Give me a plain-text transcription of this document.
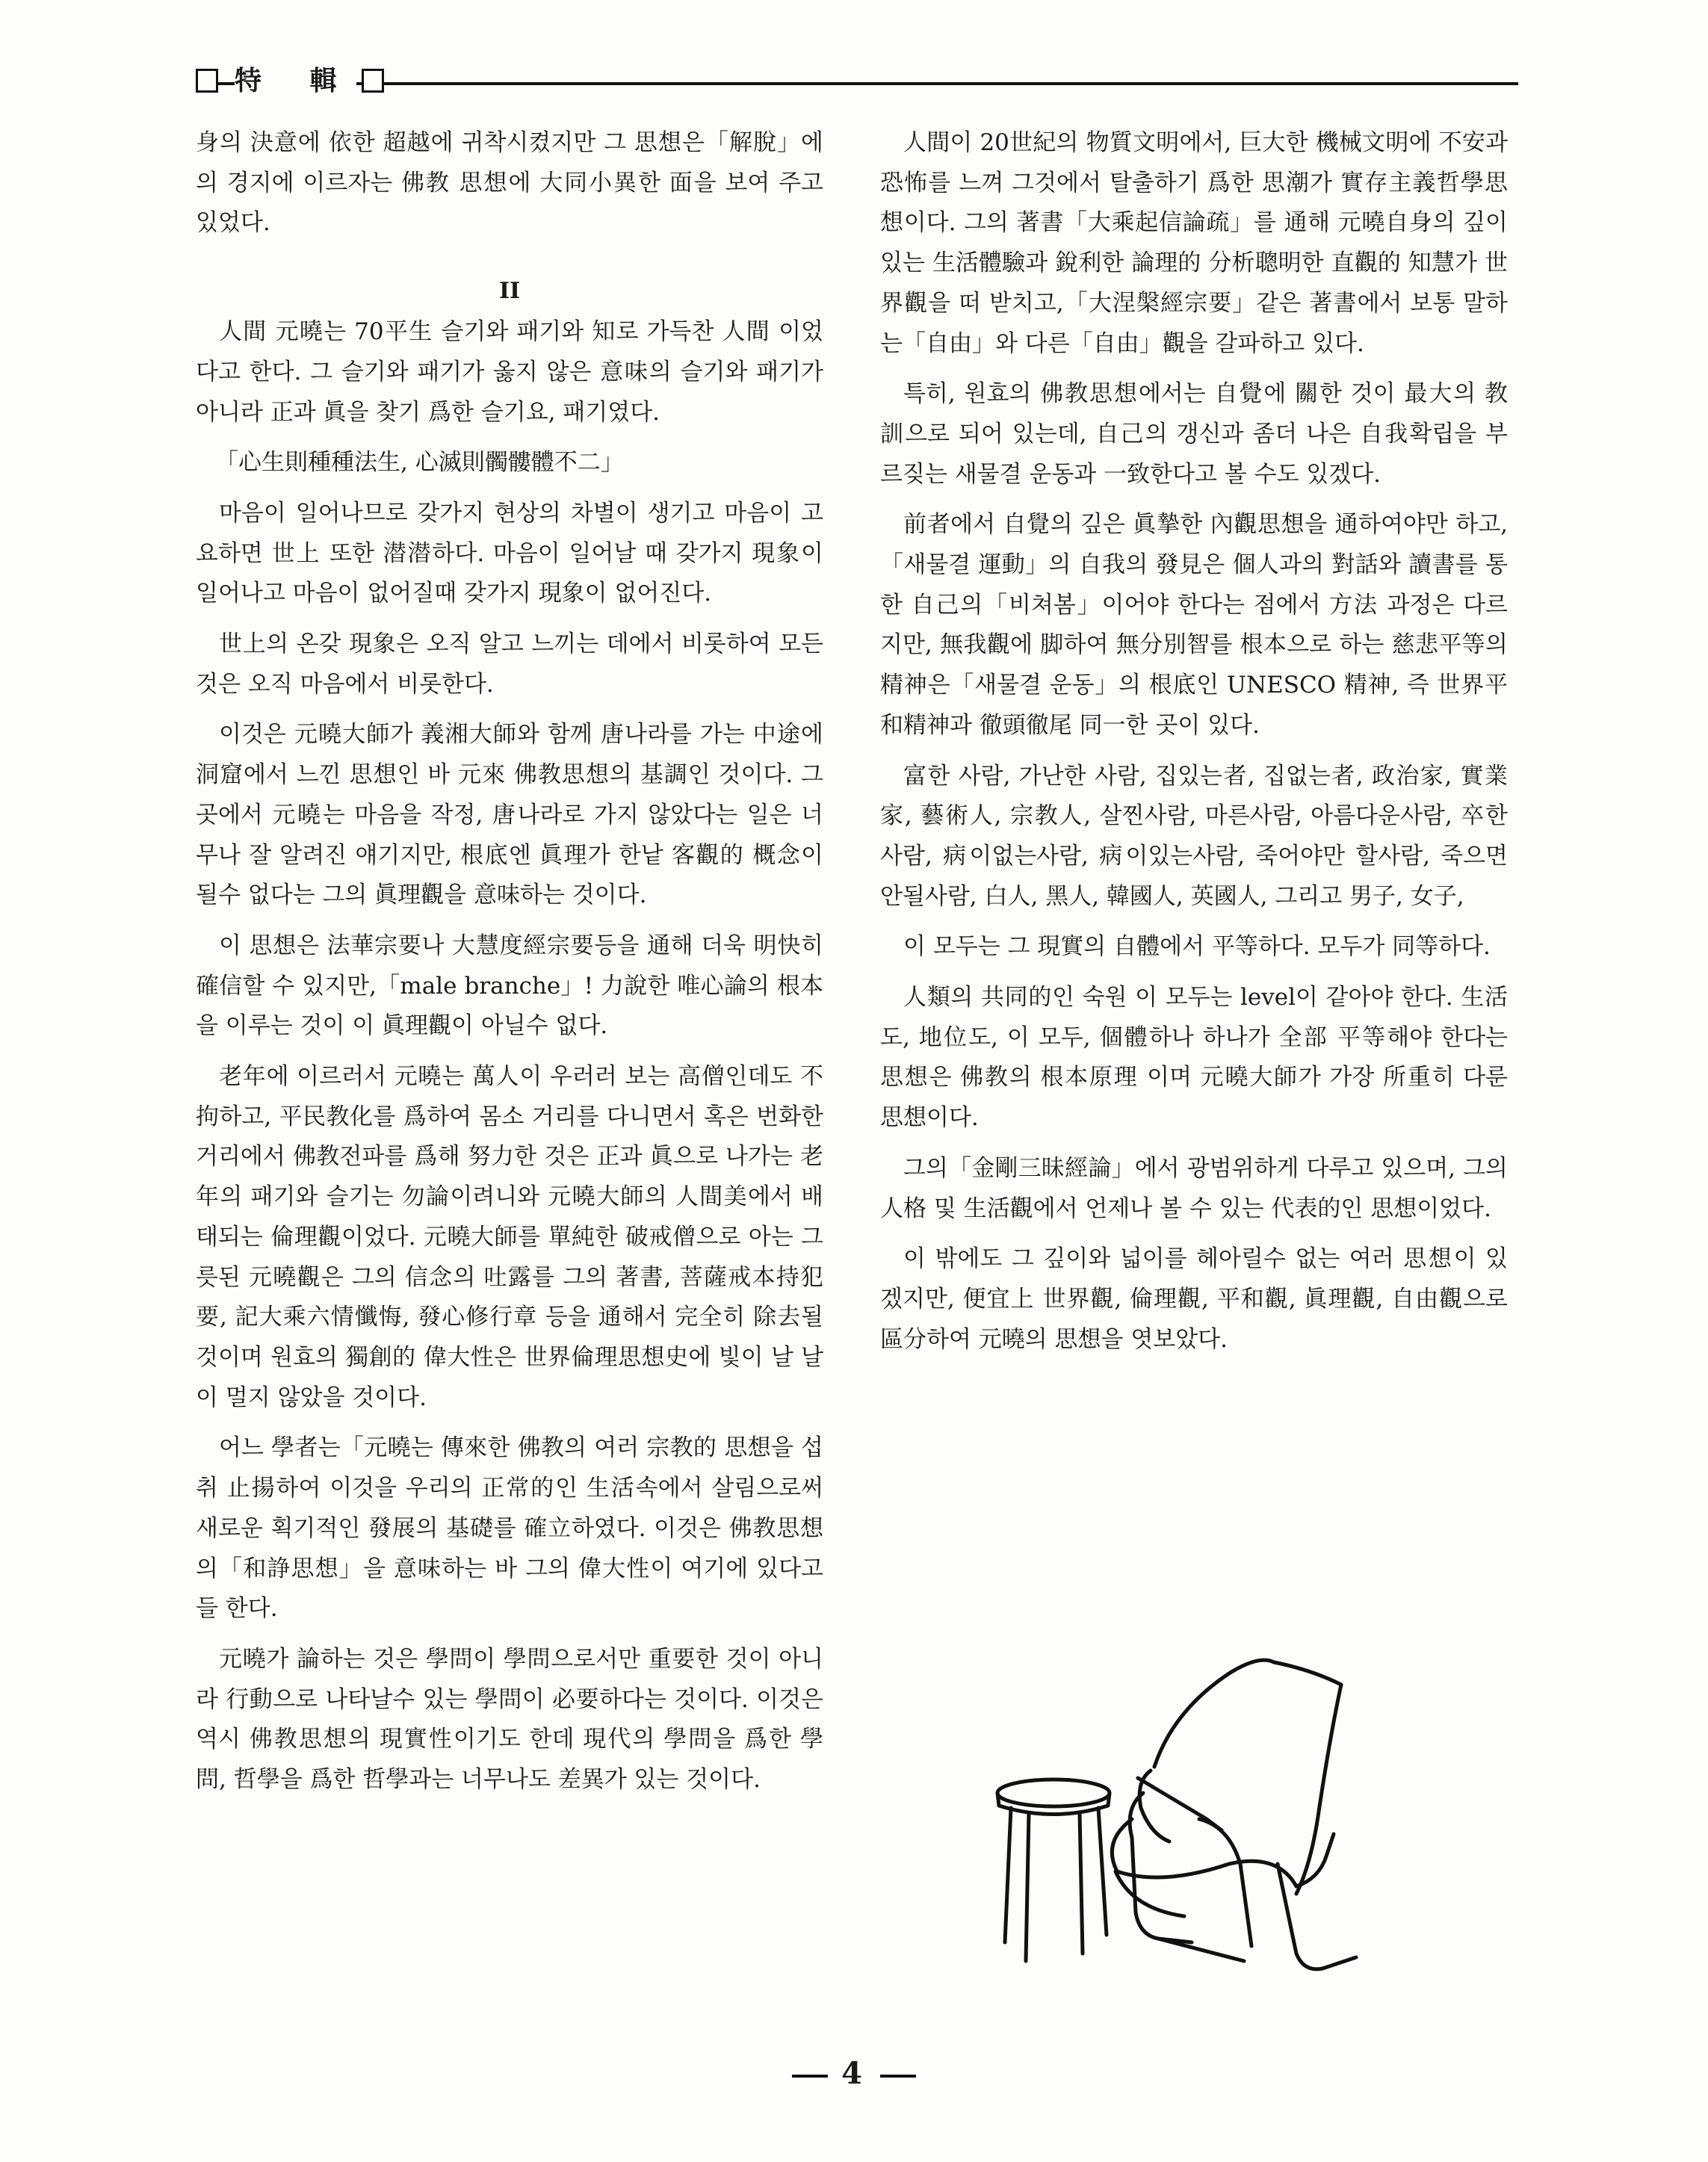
特 輯

身의 決意에 依한 超越에 귀착시켰지만 그 思想은「解脫」에의 경지에 이르자는 佛教 思想에 大同小異한 面을 보여 주고 있었다.

II

人間 元曉는 70平生 슬기와 패기와 知로 가득찬 人間 이었다고 한다. 그 슬기와 패기가 옳지 않은 意味의 슬기와 패기가 아니라 正과 眞을 찾기 爲한 슬기요, 패기였다.

「心生則種種法生, 心滅則髑髏體不二」

마음이 일어나므로 갖가지 현상의 차별이 생기고 마음이 고요하면 世上 또한 潜潜하다. 마음이 일어날 때 갖가지 現象이 일어나고 마음이 없어질때 갖가지 現象이 없어진다.

世上의 온갖 現象은 오직 알고 느끼는 데에서 비롯하여 모든것은 오직 마음에서 비롯한다.

이것은 元曉大師가 義湘大師와 함께 唐나라를 가는 中途에 洞窟에서 느낀 思想인 바 元來 佛教思想의 基調인 것이다. 그곳에서 元曉는 마음을 작정, 唐나라로 가지 않았다는 일은 너무나 잘 알려진 얘기지만, 根底엔 眞理가 한낱 客觀的 概念이 될수 없다는 그의 眞理觀을 意味하는 것이다.

이 思想은 法華宗要나 大慧度經宗要등을 通해 더욱 明快히 確信할 수 있지만,「male branche」! 力說한 唯心論의 根本을 이루는 것이 이 眞理觀이 아닐수 없다.

老年에 이르러서 元曉는 萬人이 우러러 보는 高僧인데도 不拘하고, 平民教化를 爲하여 몸소 거리를 다니면서 혹은 번화한 거리에서 佛教전파를 爲해 努力한 것은 正과 眞으로 나가는 老年의 패기와 슬기는 勿論이려니와 元曉大師의 人間美에서 배태되는 倫理觀이었다. 元曉大師를 單純한 破戒僧으로 아는 그릇된 元曉觀은 그의 信念의 吐露를 그의 著書, 菩薩戒本持犯要, 記大乘六情懺悔, 發心修行章 등을 通해서 完全히 除去될 것이며 원효의 獨創的 偉大性은 世界倫理思想史에 빛이 날 날이 멀지 않았을 것이다.

어느 學者는「元曉는 傳來한 佛教의 여러 宗教的 思想을 섭취 止揚하여 이것을 우리의 正常的인 生活속에서 살림으로써 새로운 획기적인 發展의 基礎를 確立하였다. 이것은 佛教思想의「和諍思想」을 意味하는 바 그의 偉大性이 여기에 있다고들 한다.

元曉가 論하는 것은 學問이 學問으로서만 重要한 것이 아니라 行動으로 나타날수 있는 學問이 必要하다는 것이다. 이것은 역시 佛教思想의 現實性이기도 한데 現代의 學問을 爲한 學問, 哲學을 爲한 哲學과는 너무나도 差異가 있는 것이다.

人間이 20世紀의 物質文明에서, 巨大한 機械文明에 不安과 恐怖를 느껴 그것에서 탈출하기 爲한 思潮가 實存主義哲學思想이다. 그의 著書「大乘起信論疏」를 通해 元曉自身의 깊이 있는 生活體驗과 銳利한 論理的 分析聰明한 直觀的 知慧가 世界觀을 떠 받치고,「大涅槃經宗要」같은 著書에서 보통 말하는「自由」와 다른「自由」觀을 갈파하고 있다.

특히, 원효의 佛教思想에서는 自覺에 關한 것이 最大의 教訓으로 되어 있는데, 自己의 갱신과 좀더 나은 自我확립을 부르짖는 새물결 운동과 一致한다고 볼 수도 있겠다.

前者에서 自覺의 깊은 眞摯한 內觀思想을 通하여야만 하고,「새물결 運動」의 自我의 發見은 個人과의 對話와 讀書를 통한 自己의「비쳐봄」이어야 한다는 점에서 方法 과정은 다르지만, 無我觀에 脚하여 無分別智를 根本으로 하는 慈悲平等의 精神은「새물결 운동」의 根底인 UNESCO 精神, 즉 世界平和精神과 徹頭徹尾 同一한 곳이 있다.

富한 사람, 가난한 사람, 집있는者, 집없는者, 政治家, 實業家, 藝術人, 宗教人, 살찐사람, 마른사람, 아름다운사람, 卒한사람, 病이없는사람, 病이있는사람, 죽어야만 할사람, 죽으면 안될사람, 白人, 黑人, 韓國人, 英國人, 그리고 男子, 女子,

이 모두는 그 現實의 自體에서 平等하다. 모두가 同等하다.

人類의 共同的인 숙원 이 모두는 level이 같아야 한다. 生活도, 地位도, 이 모두, 個體하나 하나가 全部 平等해야 한다는 思想은 佛教의 根本原理 이며 元曉大師가 가장 所重히 다룬 思想이다.

그의「金剛三昧經論」에서 광범위하게 다루고 있으며, 그의 人格 및 生活觀에서 언제나 볼 수 있는 代表的인 思想이었다.

이 밖에도 그 깊이와 넓이를 헤아릴수 없는 여러 思想이 있겠지만, 便宜上 世界觀, 倫理觀, 平和觀, 眞理觀, 自由觀으로 區分하여 元曉의 思想을 엿보았다.

4
